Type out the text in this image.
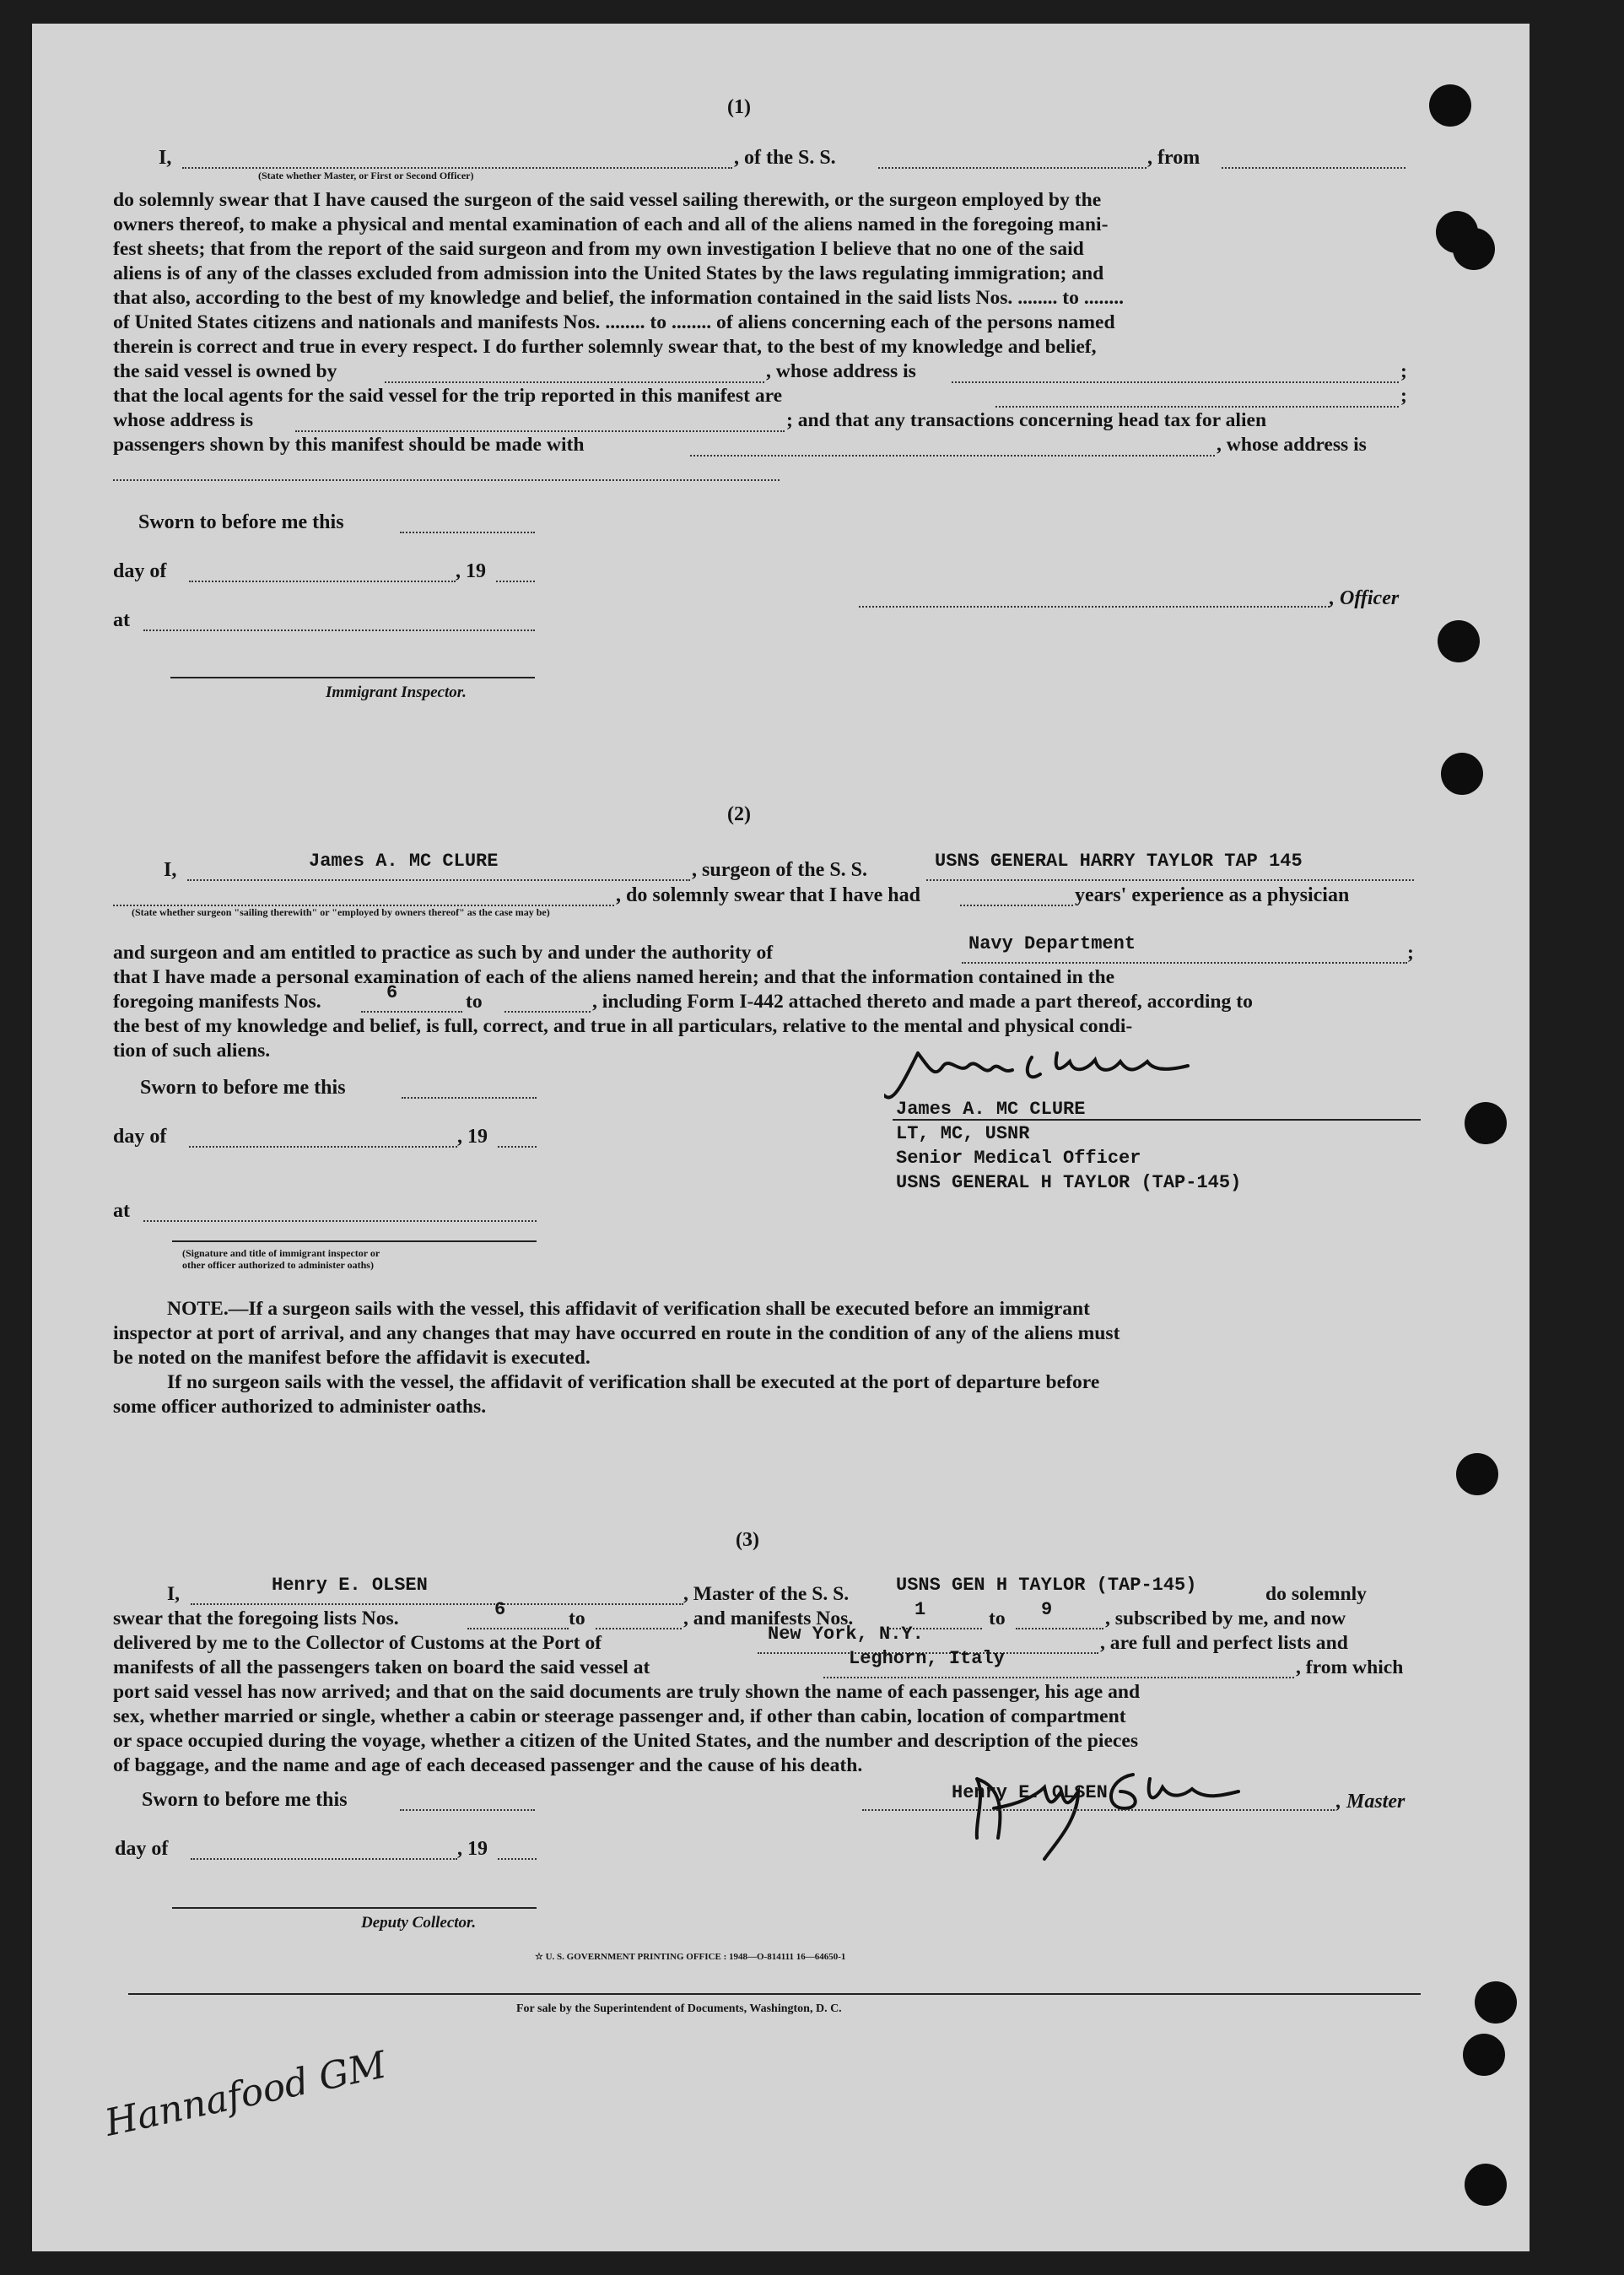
(1)
I,	, of the S. S.	, from
(State whether Master, or First or Second Officer)
do solemnly swear that I have caused the surgeon of the said vessel sailing therewith, or the surgeon employed by the
owners thereof, to make a physical and mental examination of each and all of the aliens named in the foregoing mani-
fest sheets; that from the report of the said surgeon and from my own investigation I believe that no one of the said
aliens is of any of the classes excluded from admission into the United States by the laws regulating immigration; and
that also, according to the best of my knowledge and belief, the information contained in the said lists Nos. ........ to ........
of United States citizens and nationals and manifests Nos. ........ to ........ of aliens concerning each of the persons named
therein is correct and true in every respect. I do further solemnly swear that, to the best of my knowledge and belief,
the said vessel is owned by	, whose address is	;
that the local agents for the said vessel for the trip reported in this manifest are	;
whose address is	; and that any transactions concerning head tax for alien
passengers shown by this manifest should be made with	, whose address is
Sworn to before me this
day of	, 19
at
Immigrant Inspector.
, Officer
(2)
I,	James A. MC CLURE	, surgeon of the S. S.	USNS GENERAL HARRY TAYLOR TAP 145
, do solemnly swear that I have had	years' experience as a physician
(State whether surgeon "sailing therewith" or "employed by owners thereof" as the case may be)
and surgeon and am entitled to practice as such by and under the authority of	Navy Department	;
that I have made a personal examination of each of the aliens named herein; and that the information contained in the
foregoing manifests Nos.	6	to	, including Form I-442 attached thereto and made a part thereof, according to
the best of my knowledge and belief, is full, correct, and true in all particulars, relative to the mental and physical condi-
tion of such aliens.
James A. MC CLURE
LT, MC, USNR
Senior Medical Officer
USNS GENERAL H TAYLOR (TAP-145)
Sworn to before me this
day of	, 19
at
(Signature and title of immigrant inspector or
other officer authorized to administer oaths)
NOTE.—If a surgeon sails with the vessel, this affidavit of verification shall be executed before an immigrant
inspector at port of arrival, and any changes that may have occurred en route in the condition of any of the aliens must
be noted on the manifest before the affidavit is executed.
If no surgeon sails with the vessel, the affidavit of verification shall be executed at the port of departure before
some officer authorized to administer oaths.
(3)
I,	Henry E. OLSEN	, Master of the S. S.	USNS GEN H TAYLOR (TAP-145)	do solemnly
swear that the foregoing lists Nos.	6	to	, and manifests Nos.	1	to 9	, subscribed by me, and now
delivered by me to the Collector of Customs at the Port of	New York, N.Y.	, are full and perfect lists and
manifests of all the passengers taken on board the said vessel at	Leghorn, Italy	, from which
port said vessel has now arrived; and that on the said documents are truly shown the name of each passenger, his age and
sex, whether married or single, whether a cabin or steerage passenger and, if other than cabin, location of compartment
or space occupied during the voyage, whether a citizen of the United States, and the number and description of the pieces
of baggage, and the name and age of each deceased passenger and the cause of his death.
Sworn to before me this	Henry E. OLSEN	, Master
day of	, 19
Deputy Collector.
☆ U. S. GOVERNMENT PRINTING OFFICE : 1948—O-814111 16—64650-1
For sale by the Superintendent of Documents, Washington, D. C.
Hannafood GM
